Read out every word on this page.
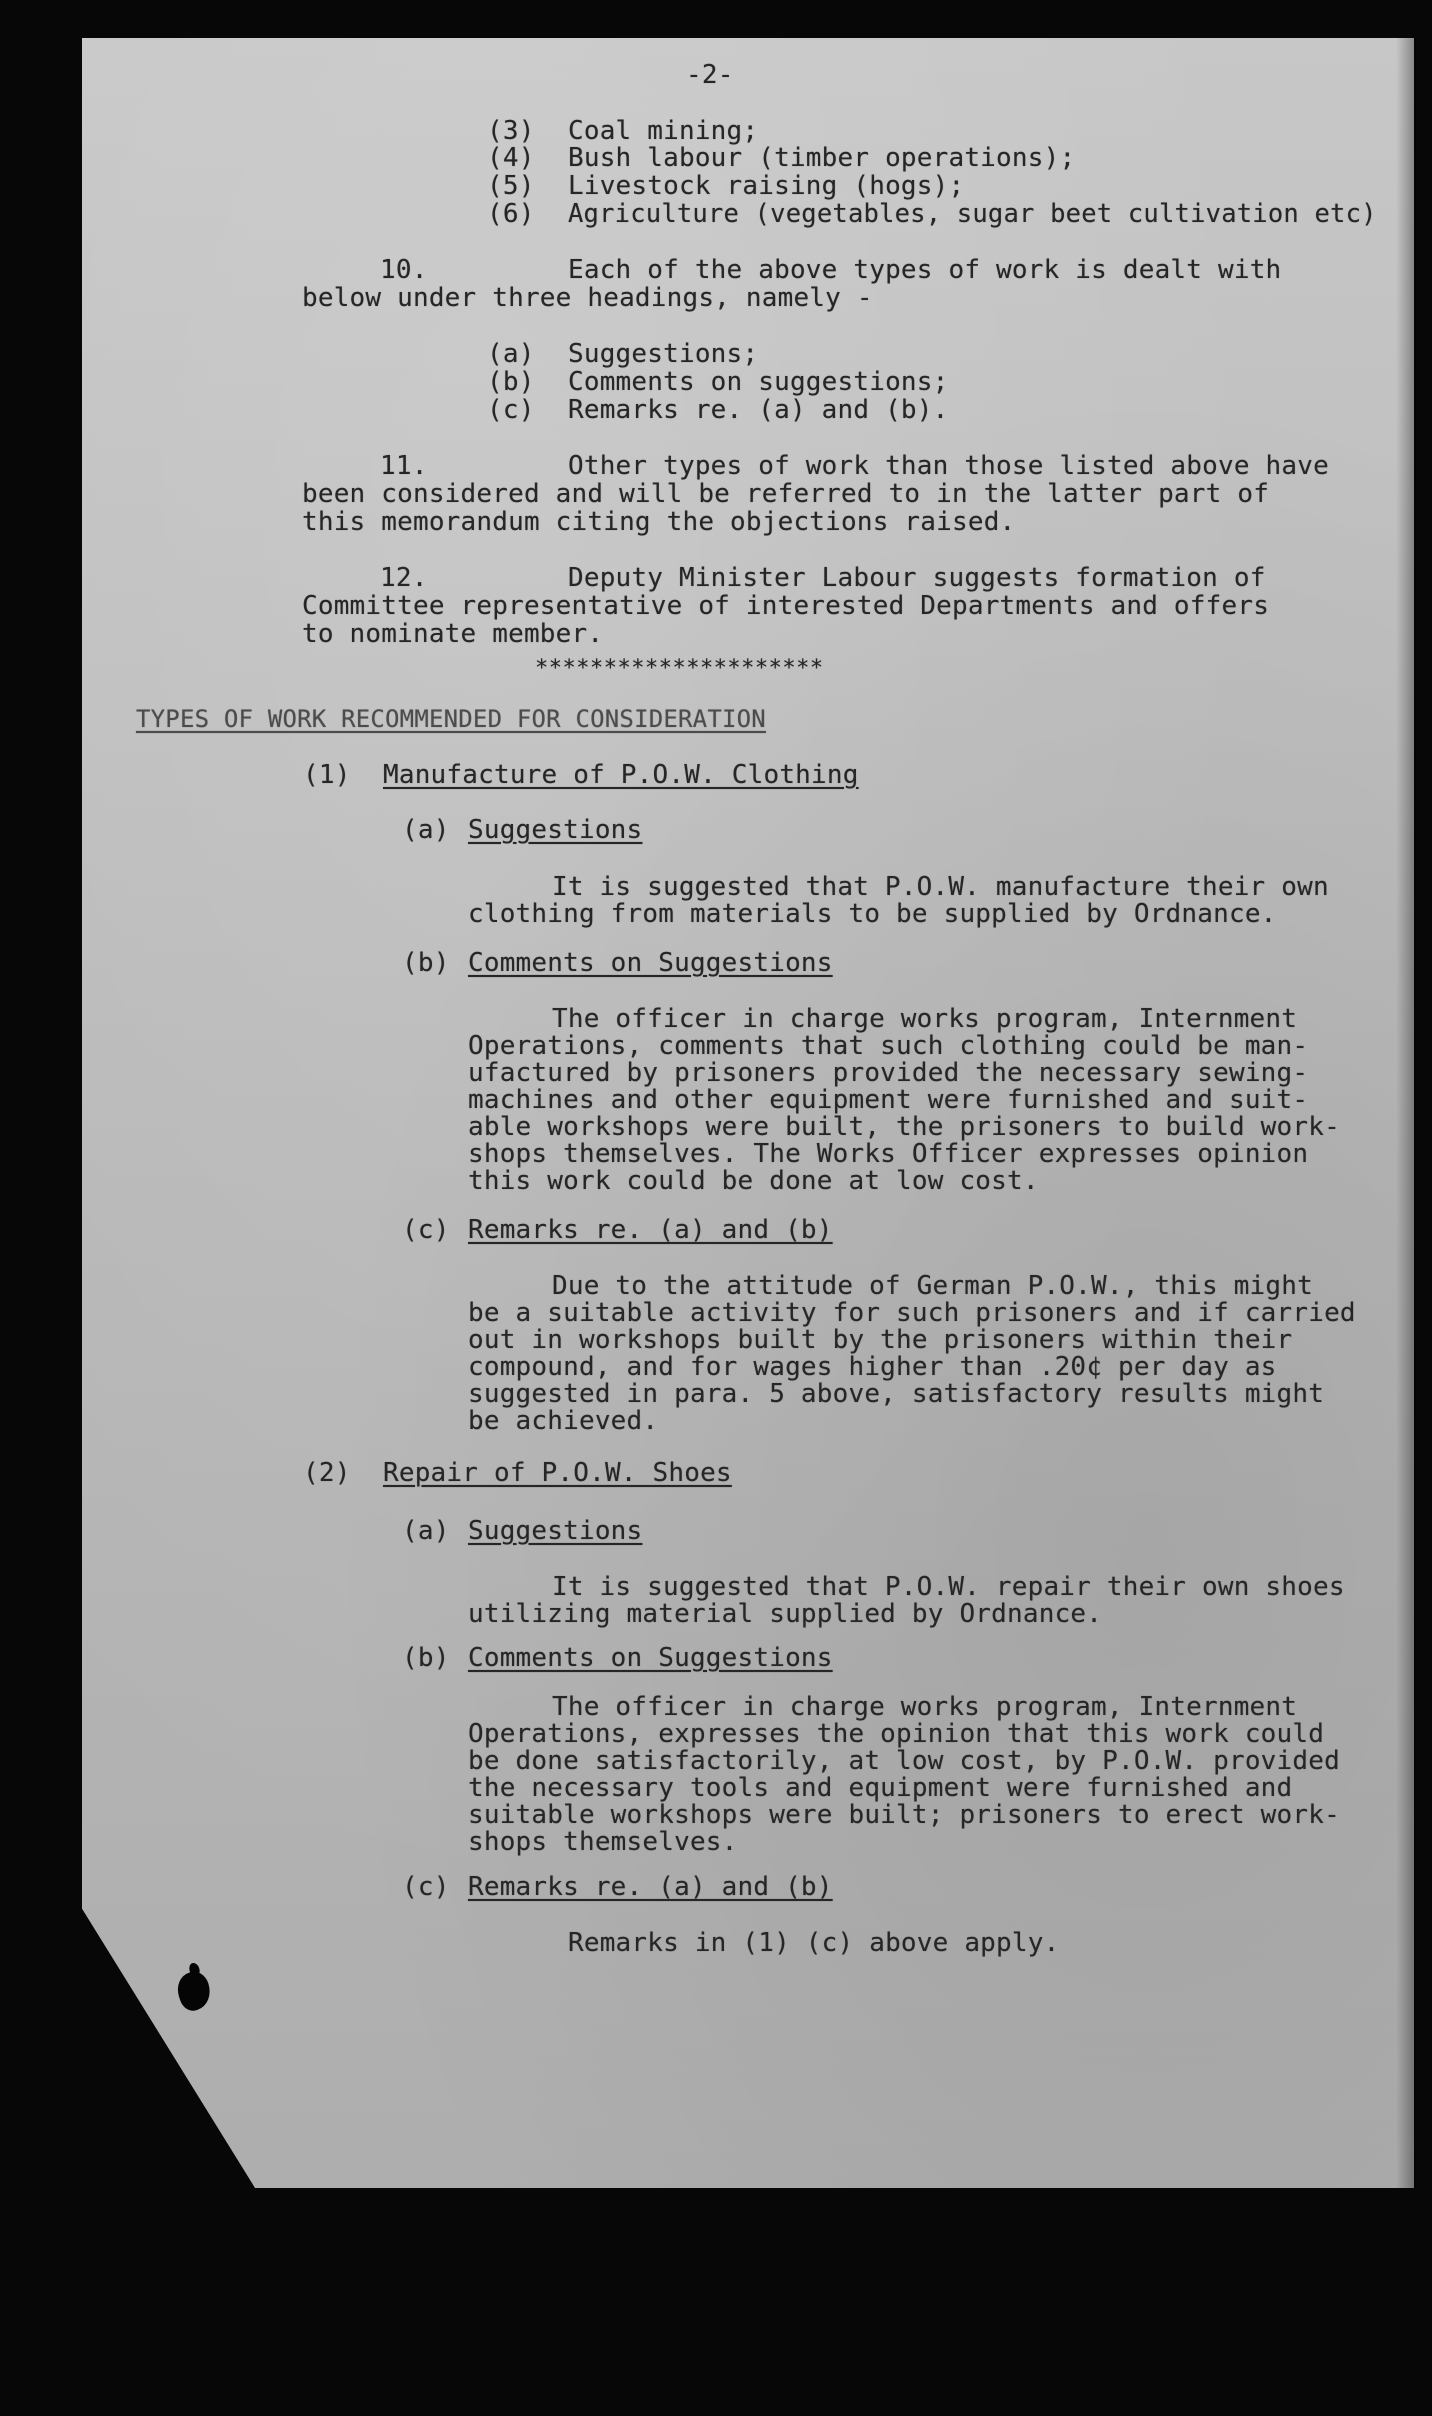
-2-
(3) Coal mining;
(4) Bush labour (timber operations);
(5) Livestock raising (hogs);
(6) Agriculture (vegetables, sugar beet cultivation etc)
10.	Each of the above types of work is dealt with
below under three headings, namely -
(a) Suggestions;
(b) Comments on suggestions;
(c) Remarks re. (a) and (b).
11.	Other types of work than those listed above have
been considered and will be referred to in the latter part of
this memorandum citing the objections raised.
12.	Deputy Minister Labour suggests formation of
Committee representative of interested Departments and offers
to nominate member.
*********************
TYPES OF WORK RECOMMENDED FOR CONSIDERATION
(1) Manufacture of P.O.W. Clothing
(a) Suggestions
It is suggested that P.O.W. manufacture their own
clothing from materials to be supplied by Ordnance.
(b) Comments on Suggestions
The officer in charge works program, Internment
Operations, comments that such clothing could be man-
ufactured by prisoners provided the necessary sewing-
machines and other equipment were furnished and suit-
able workshops were built, the prisoners to build work-
shops themselves. The Works Officer expresses opinion
this work could be done at low cost.
(c) Remarks re. (a) and (b)
Due to the attitude of German P.O.W., this might
be a suitable activity for such prisoners and if carried
out in workshops built by the prisoners within their
compound, and for wages higher than .20¢ per day as
suggested in para. 5 above, satisfactory results might
be achieved.
(2) Repair of P.O.W. Shoes
(a) Suggestions
It is suggested that P.O.W. repair their own shoes
utilizing material supplied by Ordnance.
(b) Comments on Suggestions
The officer in charge works program, Internment
Operations, expresses the opinion that this work could
be done satisfactorily, at low cost, by P.O.W. provided
the necessary tools and equipment were furnished and
suitable workshops were built; prisoners to erect work-
shops themselves.
(c) Remarks re. (a) and (b)
Remarks in (1) (c) above apply.
